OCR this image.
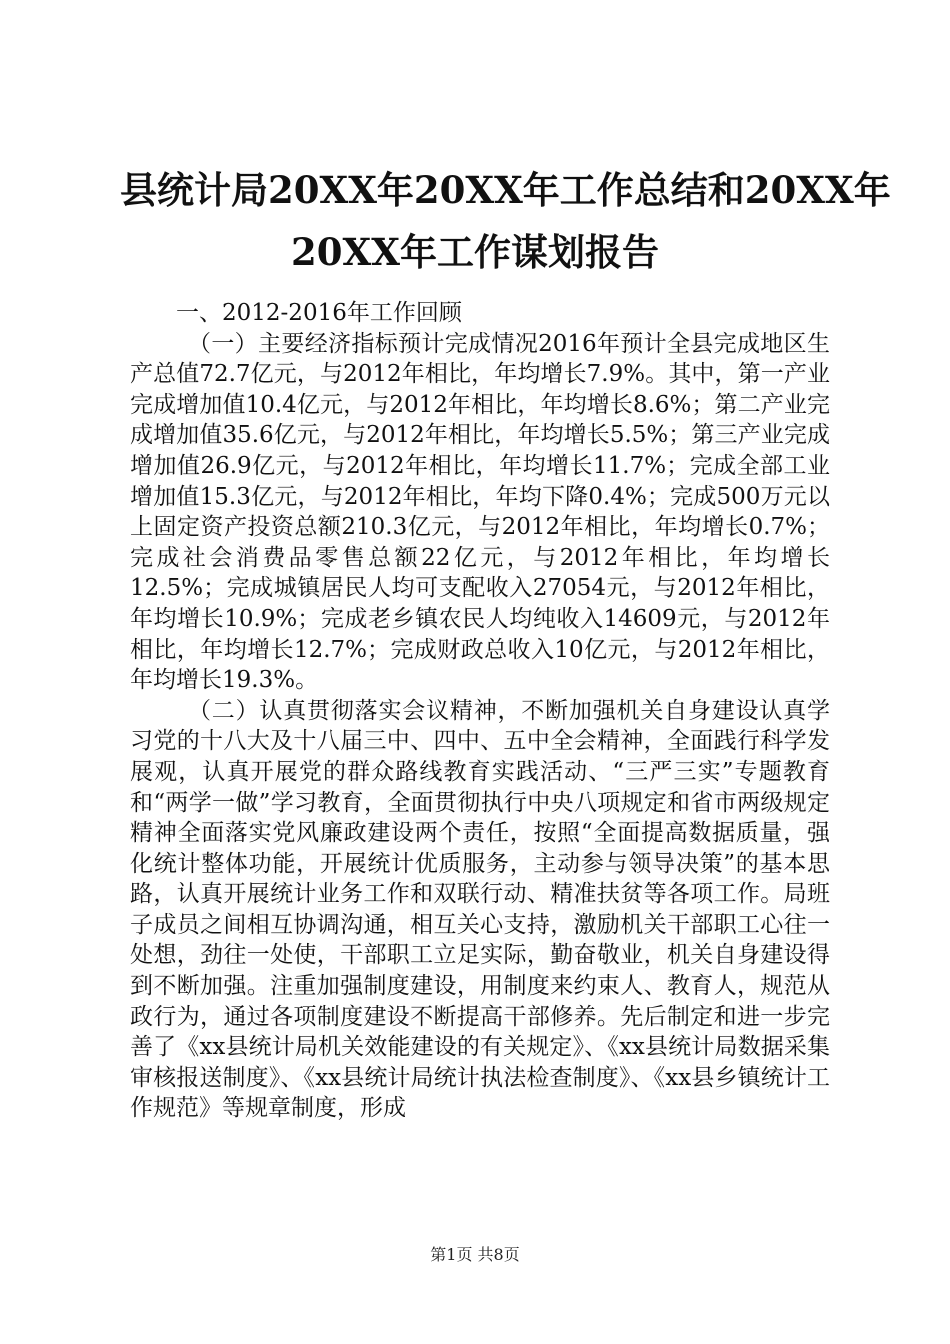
县统计局20XX年20XX年工作总结和20XX年
20XX年工作谋划报告

一、2012-2016年工作回顾

（一）主要经济指标预计完成情况2016年预计全县完成地区生产总值72.7亿元，与2012年相比，年均增长7.9%。其中，第一产业完成增加值10.4亿元，与2012年相比，年均增长8.6%；第二产业完成增加值35.6亿元，与2012年相比，年均增长5.5%；第三产业完成增加值26.9亿元，与2012年相比，年均增长11.7%；完成全部工业增加值15.3亿元，与2012年相比，年均下降0.4%；完成500万元以上固定资产投资总额210.3亿元，与2012年相比，年均增长0.7%；完成社会消费品零售总额22亿元，与2012年相比，年均增长12.5%；完成城镇居民人均可支配收入27054元，与2012年相比，年均增长10.9%；完成老乡镇农民人均纯收入14609元，与2012年相比，年均增长12.7%；完成财政总收入10亿元，与2012年相比，年均增长19.3%。

（二）认真贯彻落实会议精神，不断加强机关自身建设认真学习党的十八大及十八届三中、四中、五中全会精神，全面践行科学发展观，认真开展党的群众路线教育实践活动、“三严三实”专题教育和“两学一做”学习教育，全面贯彻执行中央八项规定和省市两级规定精神全面落实党风廉政建设两个责任，按照“全面提高数据质量，强化统计整体功能，开展统计优质服务，主动参与领导决策”的基本思路，认真开展统计业务工作和双联行动、精准扶贫等各项工作。局班子成员之间相互协调沟通，相互关心支持，激励机关干部职工心往一处想，劲往一处使，干部职工立足实际，勤奋敬业，机关自身建设得到不断加强。注重加强制度建设，用制度来约束人、教育人，规范从政行为，通过各项制度建设不断提高干部修养。先后制定和进一步完善了《xx县统计局机关效能建设的有关规定》、《xx县统计局数据采集审核报送制度》、《xx县统计局统计执法检查制度》、《xx县乡镇统计工作规范》等规章制度，形成

第1页 共8页
